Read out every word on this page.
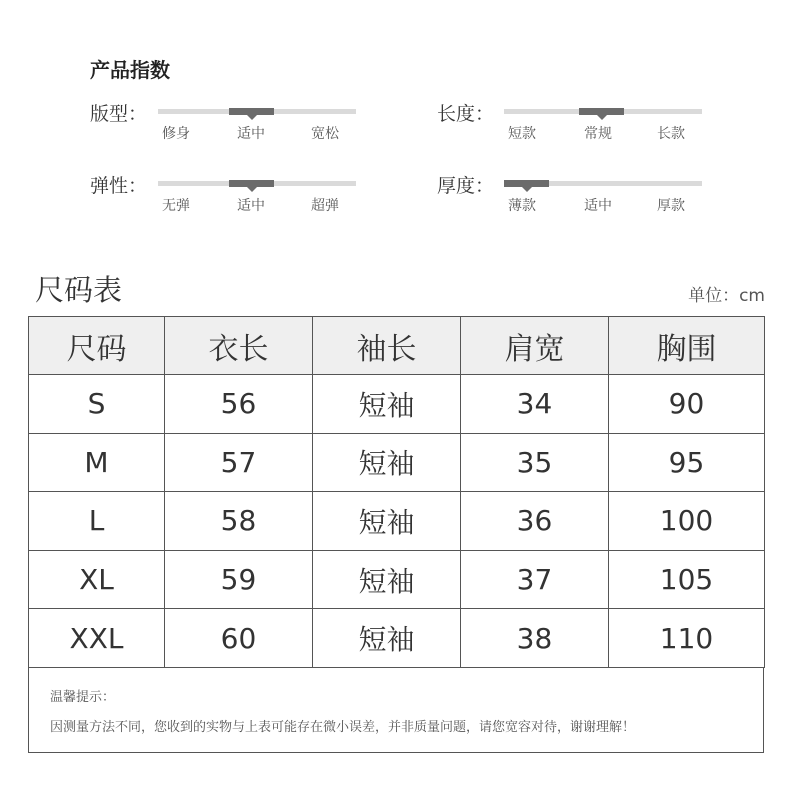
产品指数
版型：
修身	适中	宽松
长度：
短款	常规	长款
弹性：
无弹	适中	超弹
厚度：
薄款	适中	厚款
尺码表	单位：cm
尺码	衣长	袖长	肩宽	胸围
S	56	短袖	34	90
M	57	短袖	35	95
L	58	短袖	36	100
XL	59	短袖	37	105
XXL	60	短袖	38	110
温馨提示：
因测量方法不同，您收到的实物与上表可能存在微小误差，并非质量问题，请您宽容对待，谢谢理解！
